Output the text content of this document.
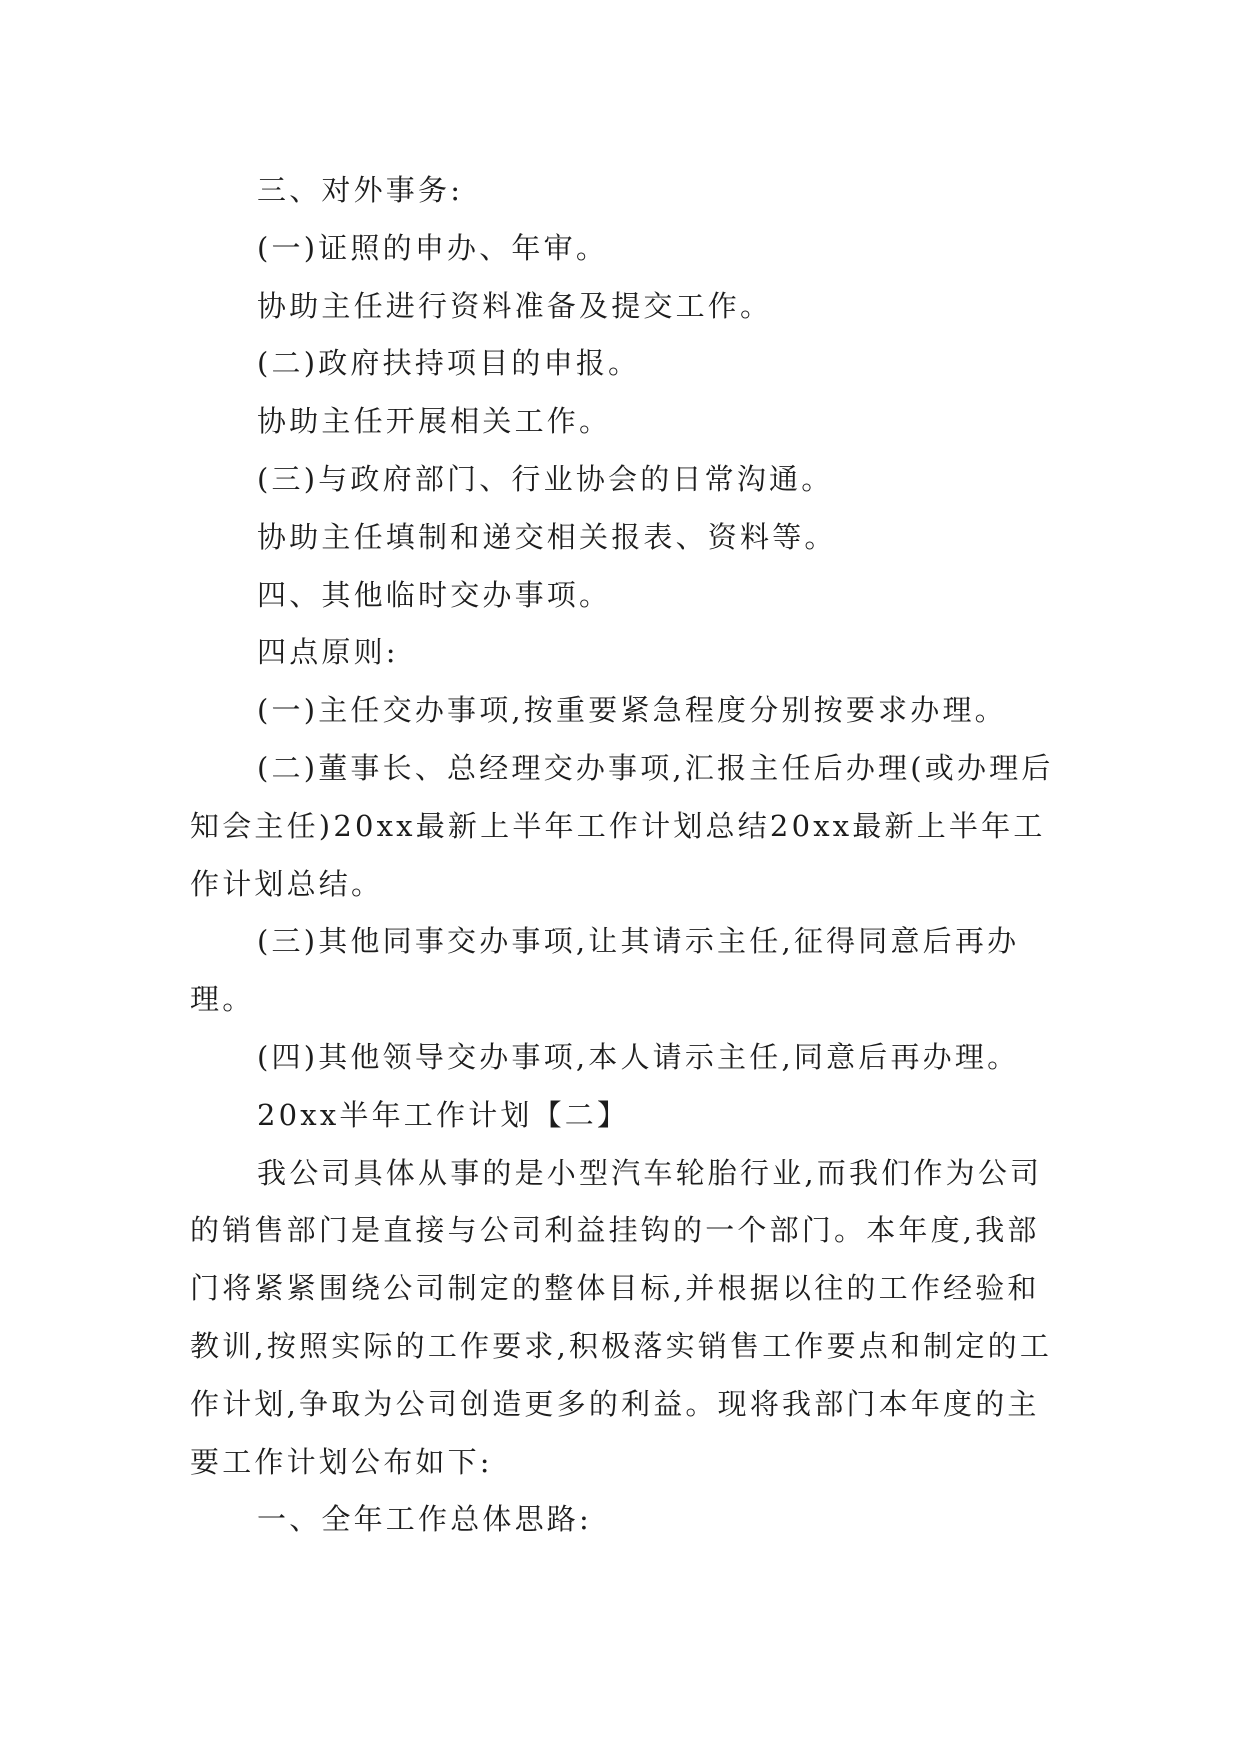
三、对外事务:

(一)证照的申办、年审。

协助主任进行资料准备及提交工作。

(二)政府扶持项目的申报。

协助主任开展相关工作。

(三)与政府部门、行业协会的日常沟通。

协助主任填制和递交相关报表、资料等。

四、其他临时交办事项。

四点原则:

(一)主任交办事项,按重要紧急程度分别按要求办理。

(二)董事长、总经理交办事项,汇报主任后办理(或办理后知会主任)20xx最新上半年工作计划总结20xx最新上半年工作计划总结。

(三)其他同事交办事项,让其请示主任,征得同意后再办理。

(四)其他领导交办事项,本人请示主任,同意后再办理。

20xx半年工作计划【二】

我公司具体从事的是小型汽车轮胎行业,而我们作为公司的销售部门是直接与公司利益挂钩的一个部门。本年度,我部门将紧紧围绕公司制定的整体目标,并根据以往的工作经验和教训,按照实际的工作要求,积极落实销售工作要点和制定的工作计划,争取为公司创造更多的利益。现将我部门本年度的主要工作计划公布如下:

一、全年工作总体思路:
